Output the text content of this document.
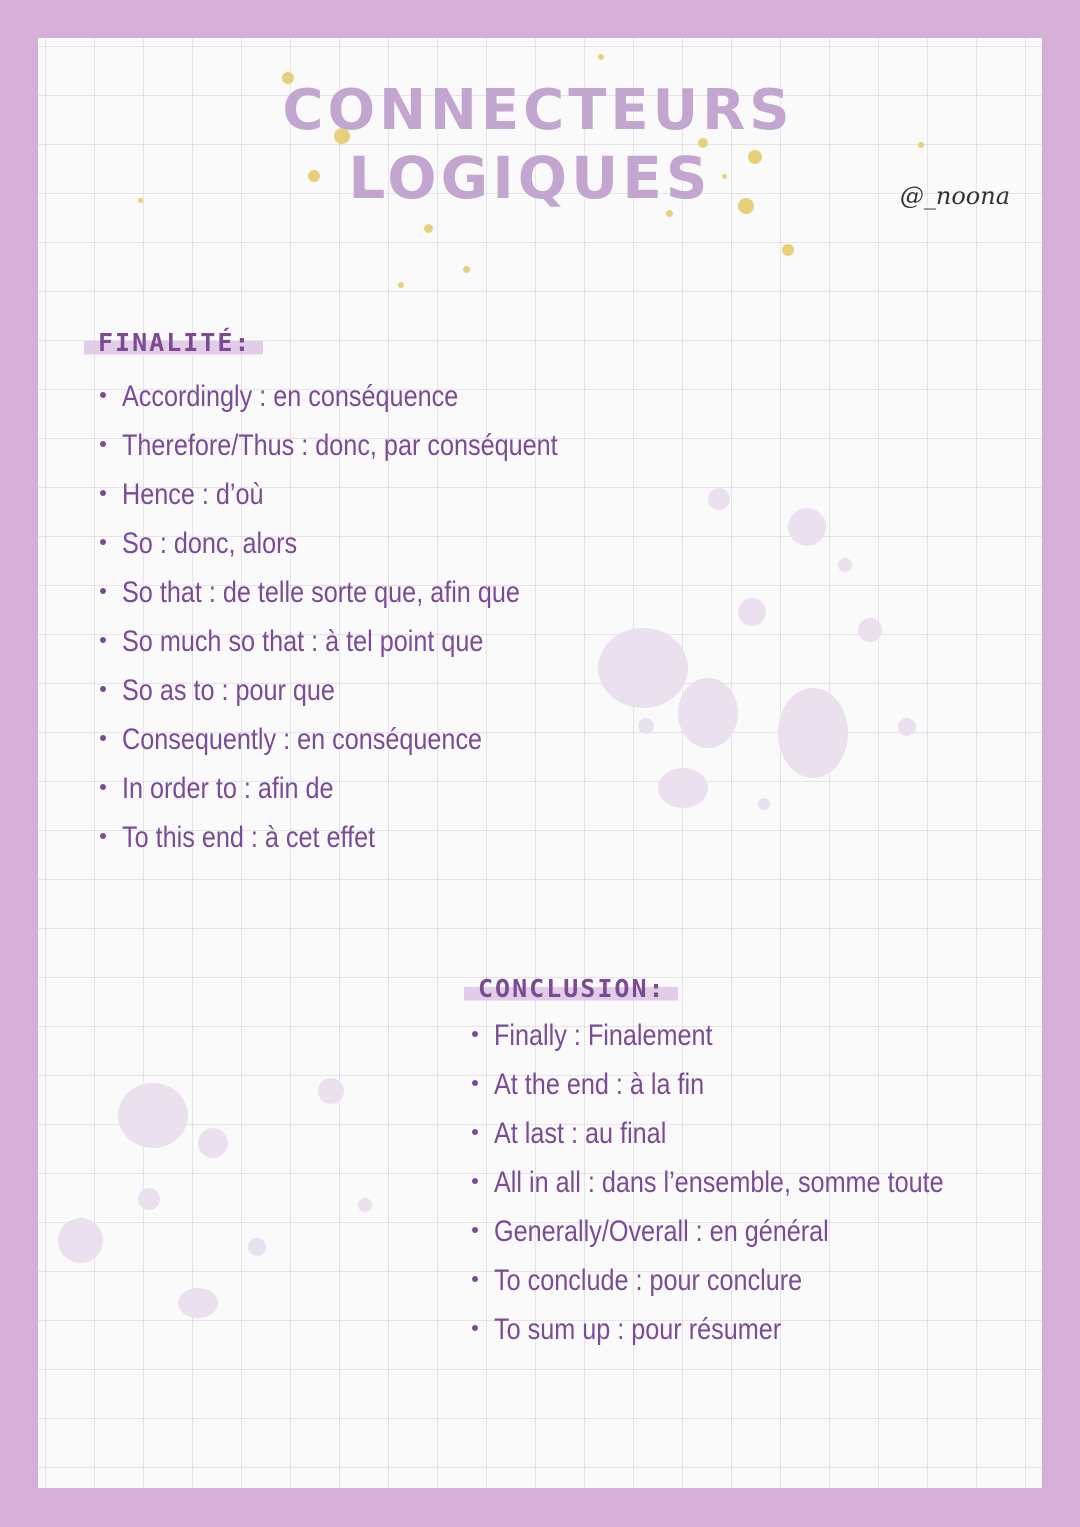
CONNECTEURS
LOGIQUES	@_noona
FINALITÉ:
Accordingly : en conséquence
Therefore/Thus : donc, par conséquent
Hence : d’où
So : donc, alors
So that : de telle sorte que, afin que
So much so that : à tel point que
So as to : pour que
Consequently : en conséquence
In order to : afin de
To this end : à cet effet
CONCLUSION:
Finally : Finalement
At the end : à la fin
At last : au final
All in all : dans l’ensemble, somme toute
Generally/Overall : en général
To conclude : pour conclure
To sum up : pour résumer
